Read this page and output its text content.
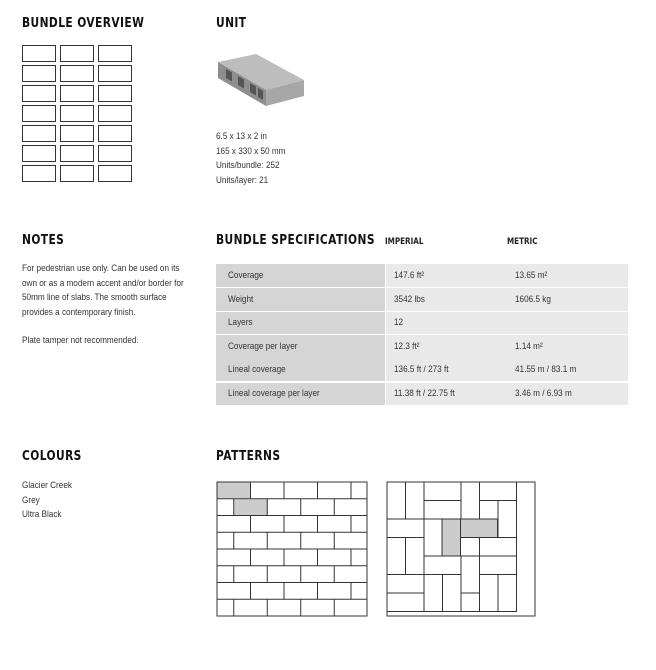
BUNDLE OVERVIEW	UNIT
NOTES	BUNDLE SPECIFICATIONS IMPERIAL	METRIC
COLOURS	PATTERNS
6.5 x 13 x 2 in
165 x 330 x 50 mm
Units/bundle: 252
Units/layer: 21
For pedestrian use only. Can be used on its own or as a modern accent and/or border for 50mm line of slabs. The smooth surface provides a contemporary finish.
Plate tamper not recommended.
Coverage	147.6 ft²	13.65 m²
Weight	3542 lbs	1606.5 kg
Layers	12
Coverage per layer	12.3 ft²	1.14 m²
Lineal coverage	136.5 ft / 273 ft	41.55 m / 83.1 m
Lineal coverage per layer	11.38 ft / 22.75 ft	3.46 m / 6.93 m
Glacier Creek
Grey
Ultra Black
